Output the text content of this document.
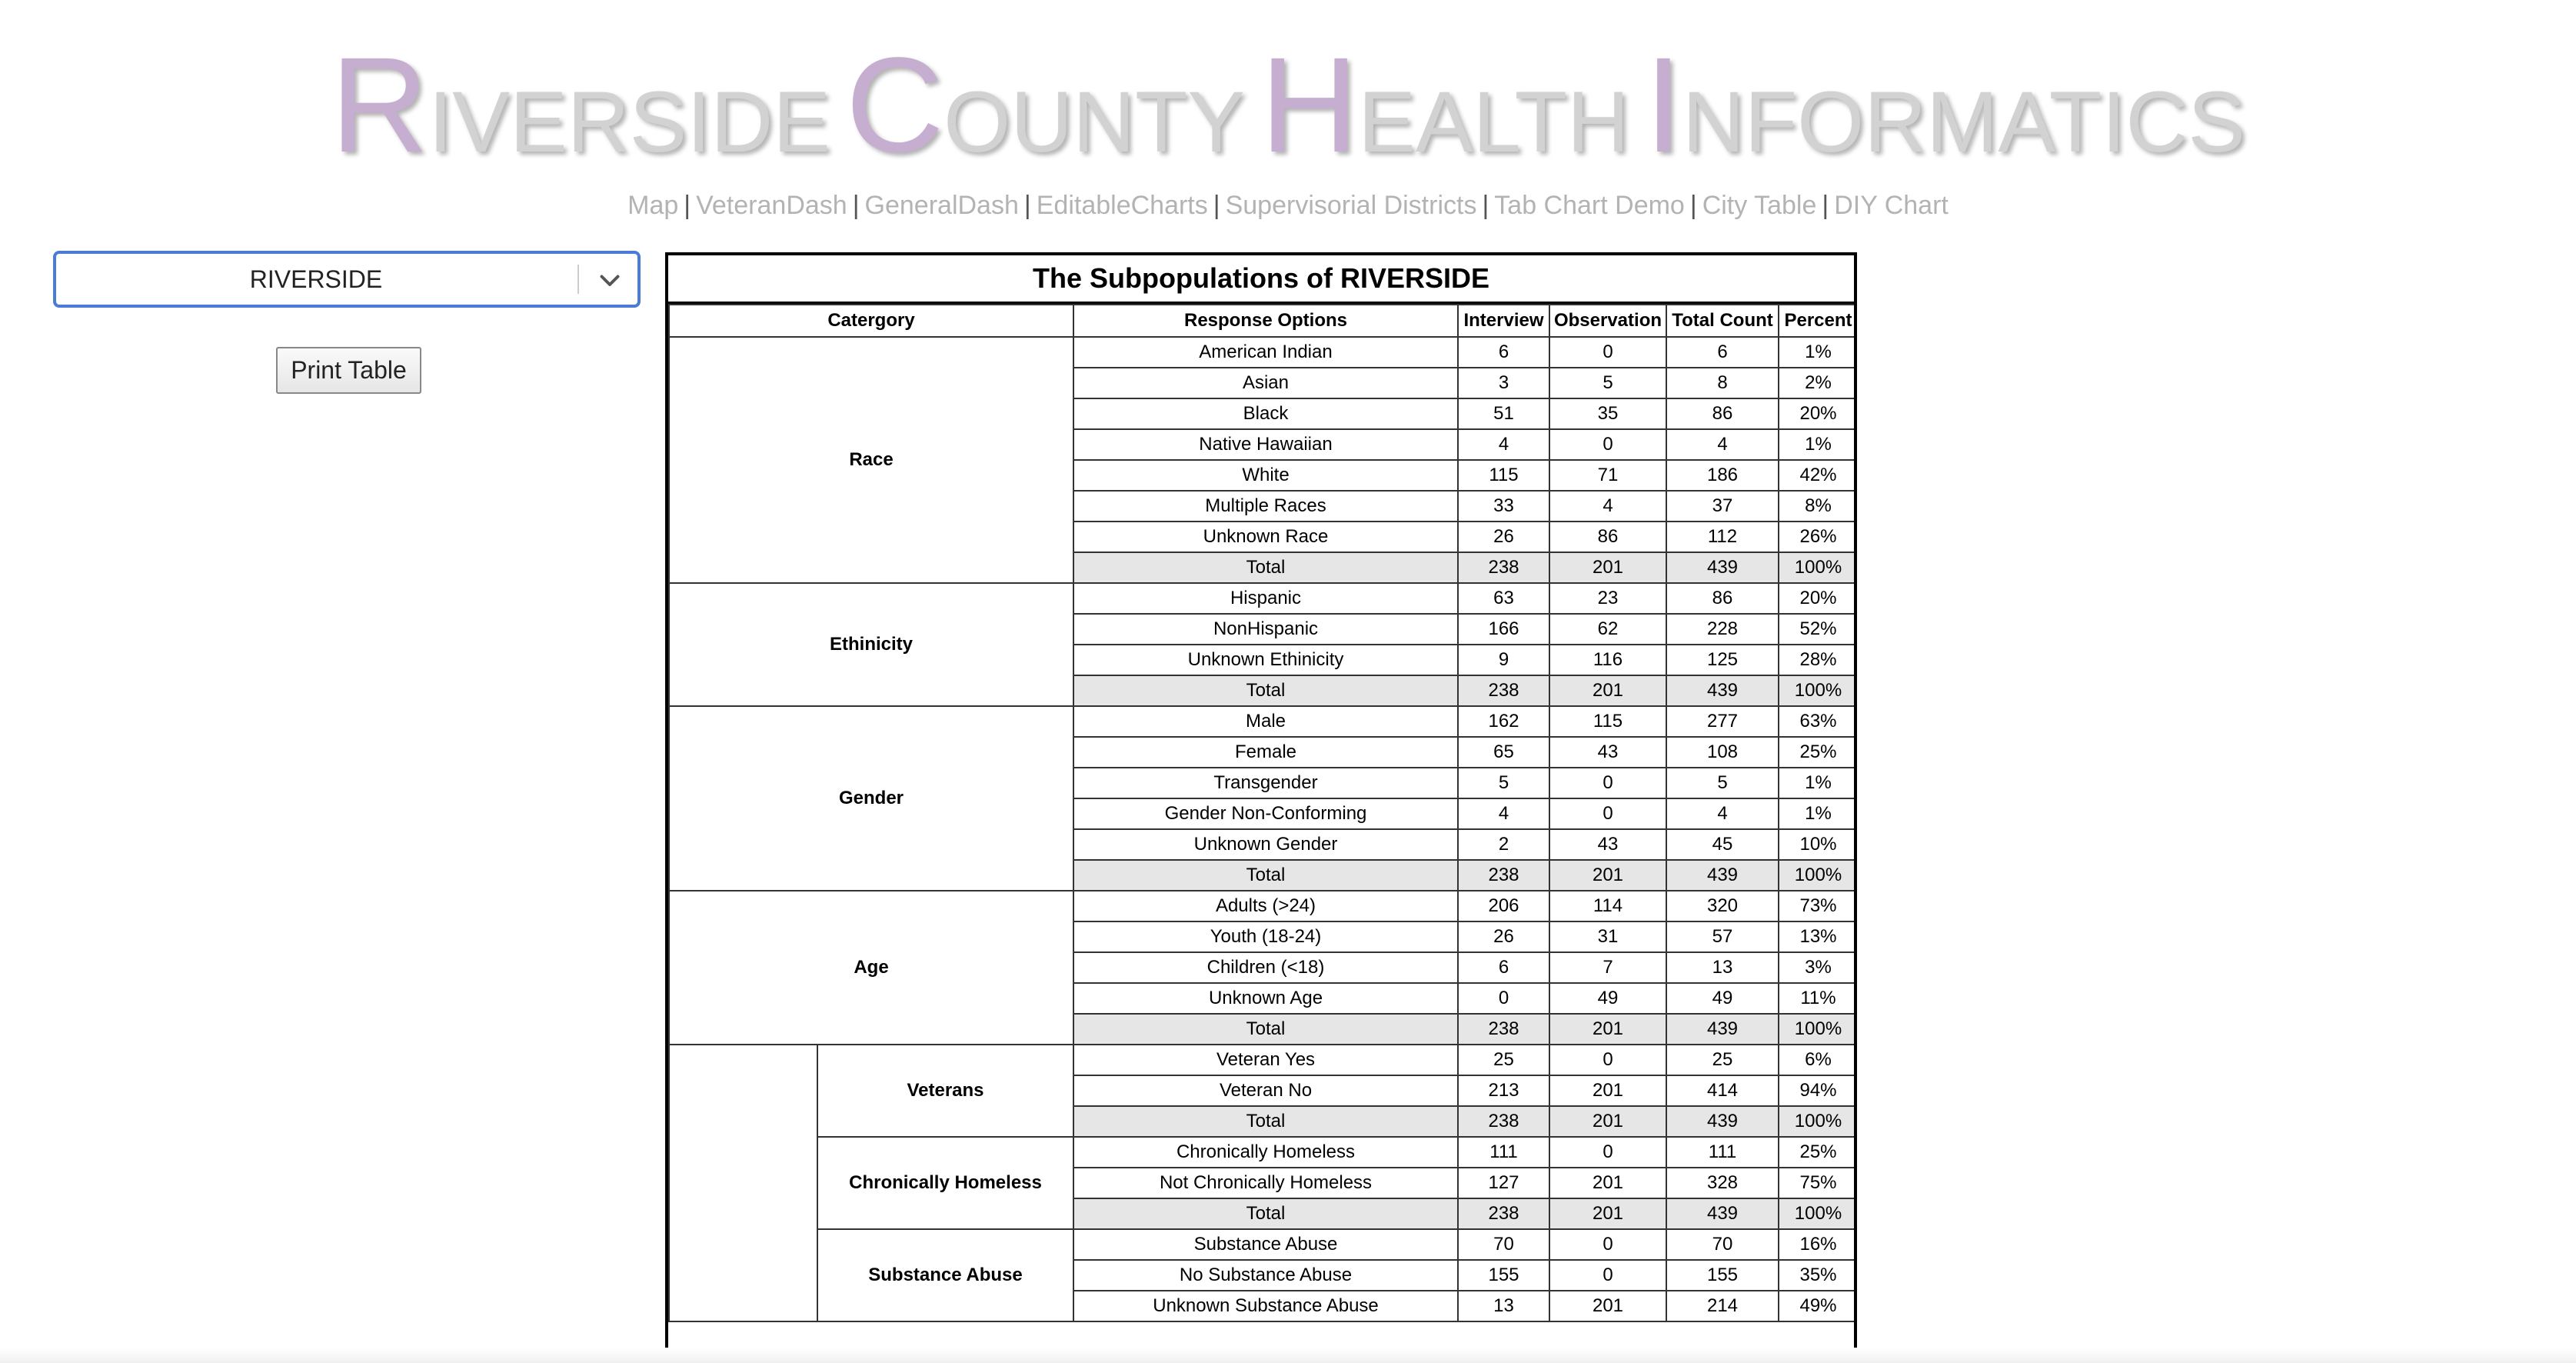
RIVERSIDE COUNTY HEALTH INFORMATICS
Map | VeteranDash | GeneralDash | EditableCharts | Supervisorial Districts | Tab Chart Demo | City Table | DIY Chart
RIVERSIDE
Print Table
The Subpopulations of RIVERSIDE
Catergory		Response Options	Interview	Observation	Total Count	Percent
Race		American Indian	6	0	6	1%
		Asian	3	5	8	2%
		Black	51	35	86	20%
		Native Hawaiian	4	0	4	1%
		White	115	71	186	42%
		Multiple Races	33	4	37	8%
		Unknown Race	26	86	112	26%
		Total	238	201	439	100%
Ethinicity		Hispanic	63	23	86	20%
		NonHispanic	166	62	228	52%
		Unknown Ethinicity	9	116	125	28%
		Total	238	201	439	100%
Gender		Male	162	115	277	63%
		Female	65	43	108	25%
		Transgender	5	0	5	1%
		Gender Non-Conforming	4	0	4	1%
		Unknown Gender	2	43	45	10%
		Total	238	201	439	100%
Age		Adults (>24)	206	114	320	73%
		Youth (18-24)	26	31	57	13%
		Children (<18)	6	7	13	3%
		Unknown Age	0	49	49	11%
		Total	238	201	439	100%
	Veterans	Veteran Yes	25	0	25	6%
		Veteran No	213	201	414	94%
		Total	238	201	439	100%
	Chronically Homeless	Chronically Homeless	111	0	111	25%
		Not Chronically Homeless	127	201	328	75%
		Total	238	201	439	100%
	Substance Abuse	Substance Abuse	70	0	70	16%
		No Substance Abuse	155	0	155	35%
		Unknown Substance Abuse	13	201	214	49%
